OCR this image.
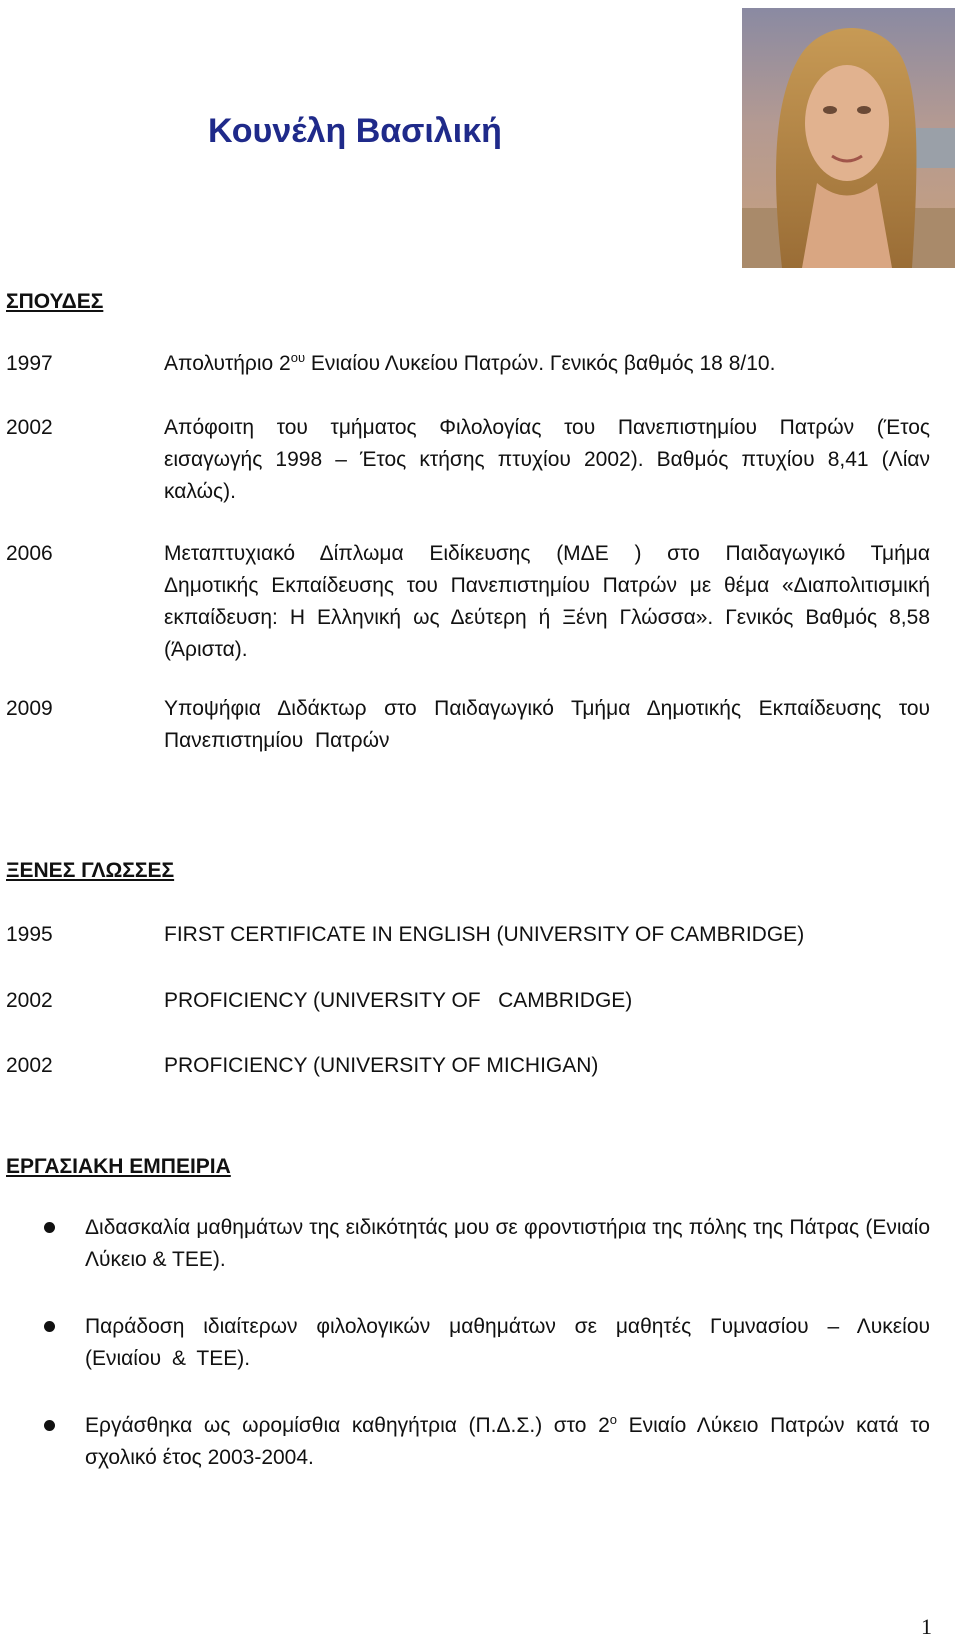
Κουνέλη Βασιλική
ΣΠΟΥΔΕΣ
1997	Απολυτήριο $2^{o\upsilon}$ Ενιαίου Λυκείου Πατρών. Γενικός βαθμός 18 8/10.
2002	Απόφοιτη του τμήματος Φιλολογίας του Πανεπιστημίου Πατρών (Έτος εισαγωγής 1998 – Έτος κτήσης πτυχίου 2002). Βαθμός πτυχίου 8,41 (Λίαν καλώς).
2006	Μεταπτυχιακό Δίπλωμα Ειδίκευσης (ΜΔΕ ) στο Παιδαγωγικό Τμήμα Δημοτικής Εκπαίδευσης του Πανεπιστημίου Πατρών με θέμα «Διαπολιτισμική εκπαίδευση: Η Ελληνική ως Δεύτερη ή Ξένη Γλώσσα». Γενικός Βαθμός 8,58 (Άριστα).
2009	Υποψήφια Διδάκτωρ στο Παιδαγωγικό Τμήμα Δημοτικής Εκπαίδευσης του Πανεπιστημίου Πατρών
ΞΕΝΕΣ ΓΛΩΣΣΕΣ
1995	FIRST CERTIFICATE IN ENGLISH (UNIVERSITY OF CAMBRIDGE)
2002	PROFICIENCY (UNIVERSITY OF   CAMBRIDGE)
2002	PROFICIENCY (UNIVERSITY OF MICHIGAN)
ΕΡΓΑΣΙΑΚΗ ΕΜΠΕΙΡΙΑ
Διδασκαλία μαθημάτων της ειδικότητάς μου σε φροντιστήρια της πόλης της Πάτρας (Ενιαίο Λύκειο & ΤΕΕ).
Παράδοση ιδιαίτερων φιλολογικών μαθημάτων σε μαθητές Γυμνασίου – Λυκείου (Ενιαίου & ΤΕΕ).
Εργάσθηκα ως ωρομίσθια καθηγήτρια (Π.Δ.Σ.) στο $2^o$ Ενιαίο Λύκειο Πατρών κατά το σχολικό έτος 2003-2004.
1
